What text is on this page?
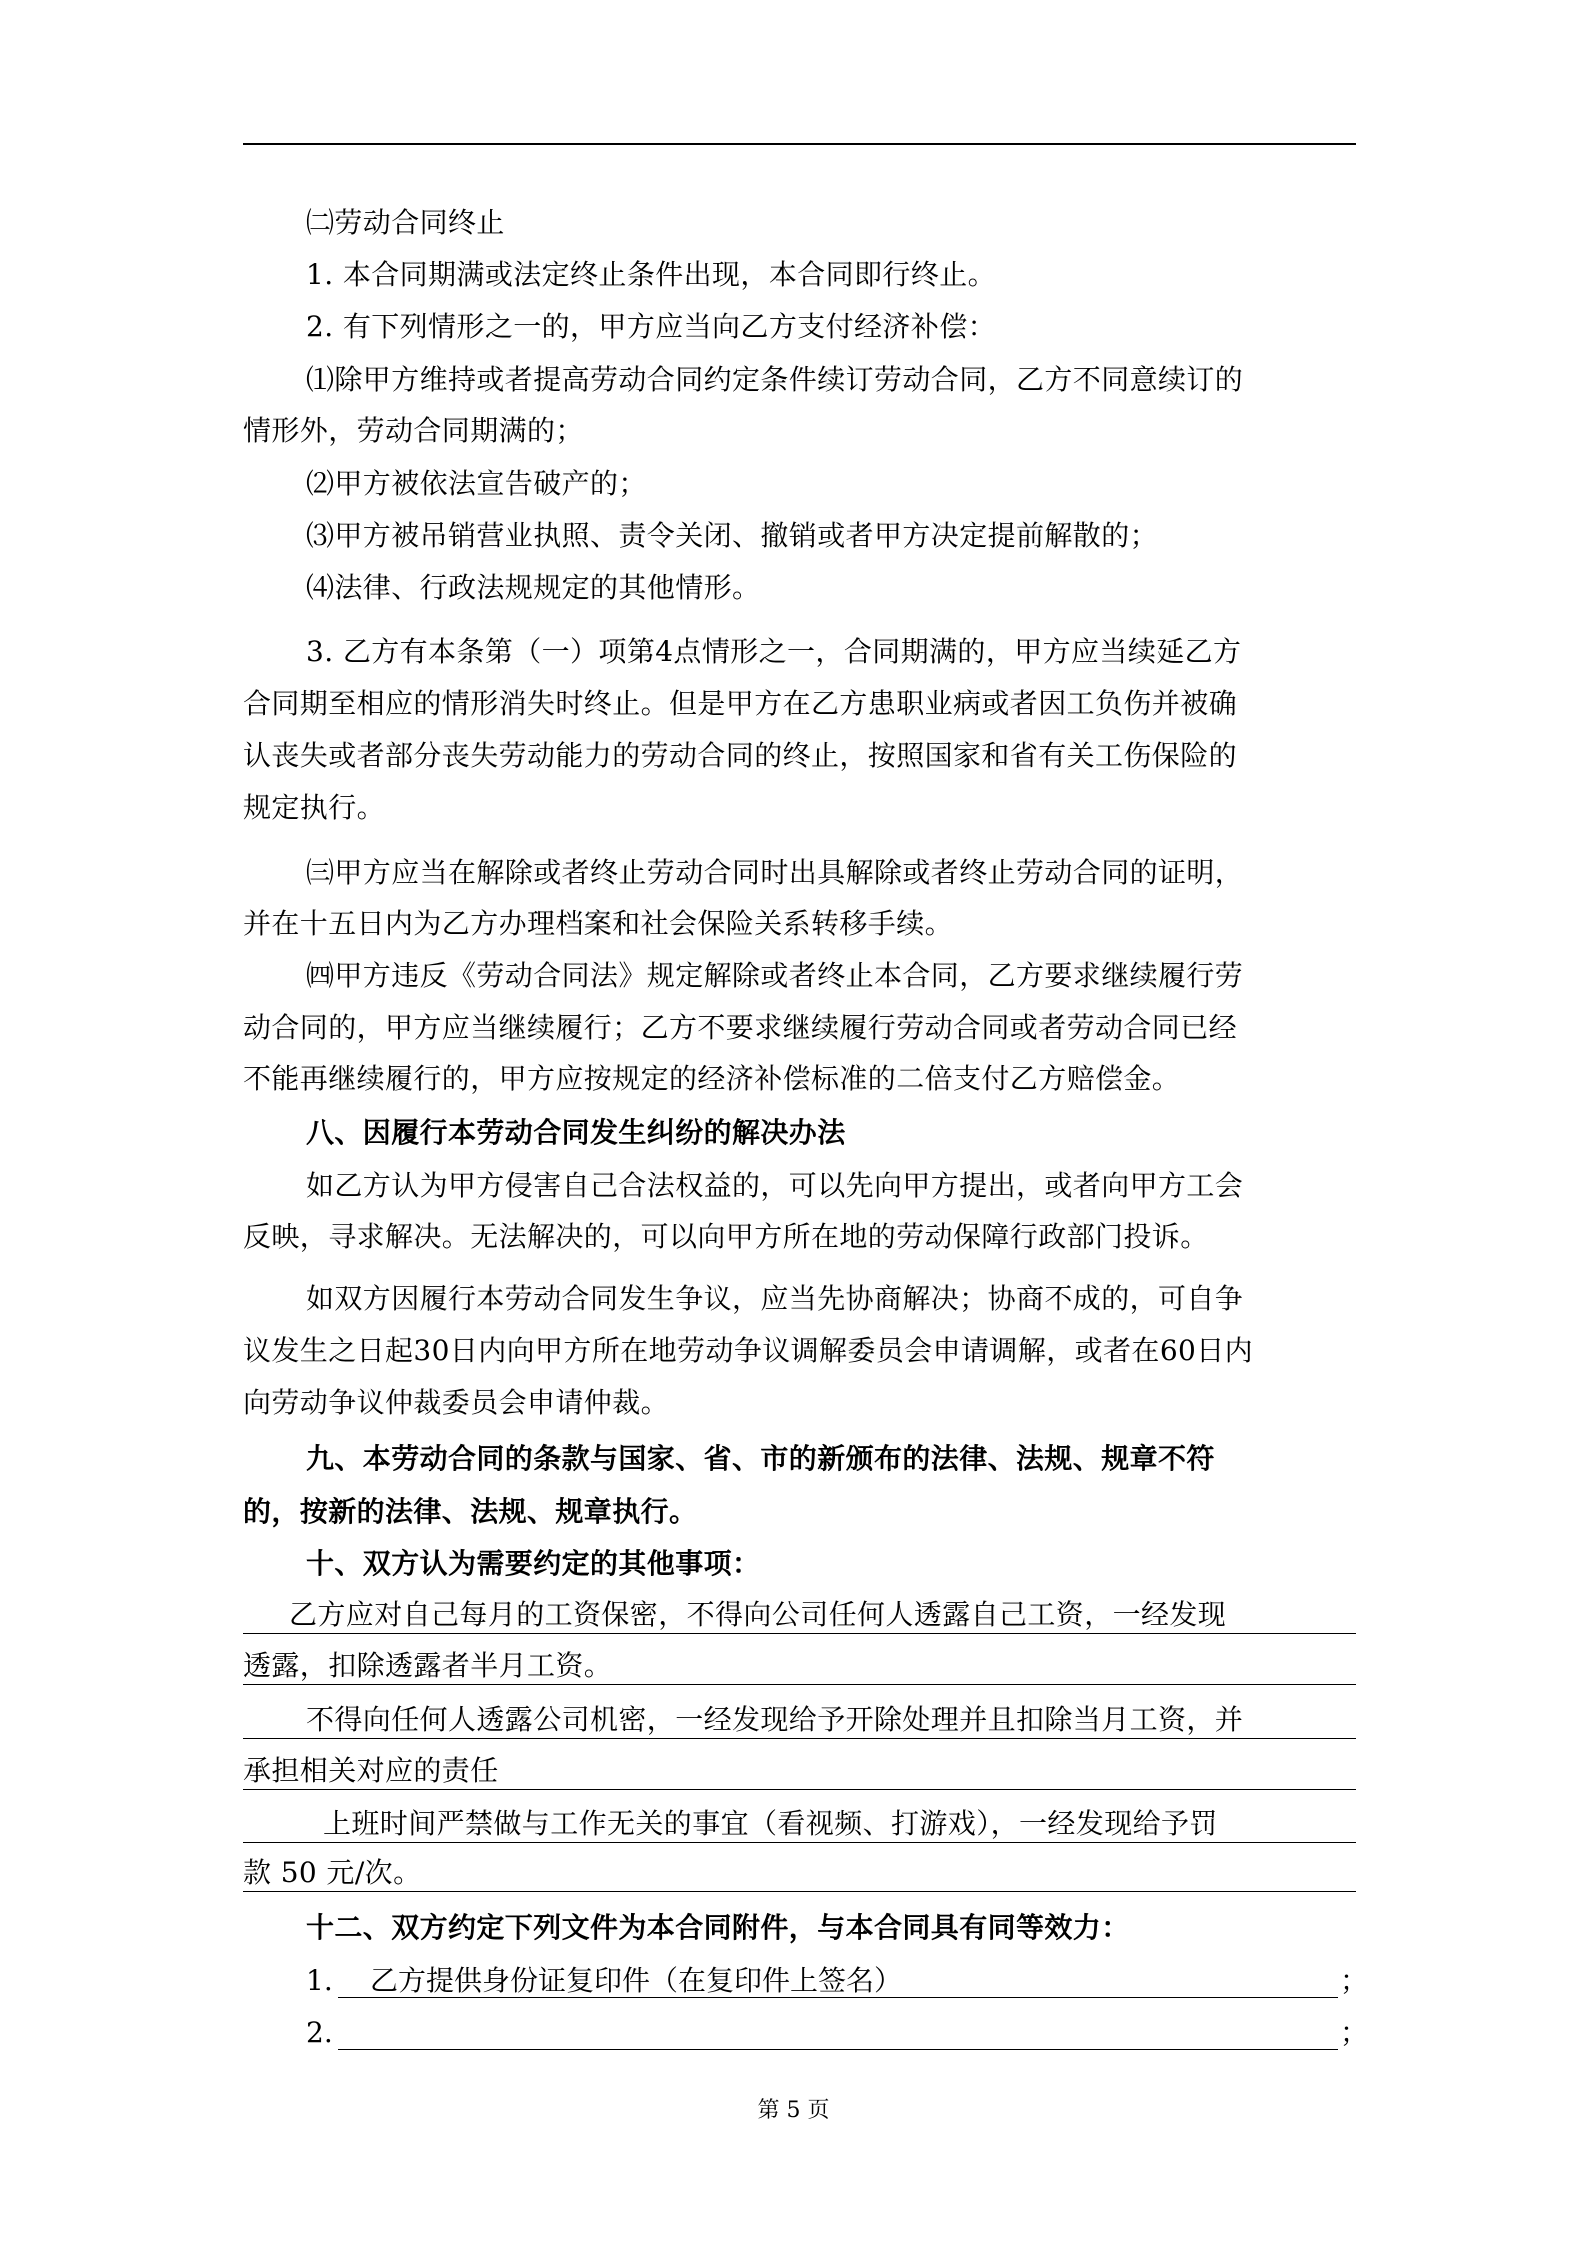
㈡劳动合同终止
1. 本合同期满或法定终止条件出现，本合同即行终止。
2. 有下列情形之一的，甲方应当向乙方支付经济补偿：
⑴除甲方维持或者提高劳动合同约定条件续订劳动合同，乙方不同意续订的
情形外，劳动合同期满的；
⑵甲方被依法宣告破产的；
⑶甲方被吊销营业执照、责令关闭、撤销或者甲方决定提前解散的；
⑷法律、行政法规规定的其他情形。
3. 乙方有本条第（一）项第4点情形之一，合同期满的，甲方应当续延乙方
合同期至相应的情形消失时终止。但是甲方在乙方患职业病或者因工负伤并被确
认丧失或者部分丧失劳动能力的劳动合同的终止，按照国家和省有关工伤保险的
规定执行。
㈢甲方应当在解除或者终止劳动合同时出具解除或者终止劳动合同的证明，
并在十五日内为乙方办理档案和社会保险关系转移手续。
㈣甲方违反《劳动合同法》规定解除或者终止本合同，乙方要求继续履行劳
动合同的，甲方应当继续履行；乙方不要求继续履行劳动合同或者劳动合同已经
不能再继续履行的，甲方应按规定的经济补偿标准的二倍支付乙方赔偿金。
八、因履行本劳动合同发生纠纷的解决办法
如乙方认为甲方侵害自己合法权益的，可以先向甲方提出，或者向甲方工会
反映，寻求解决。无法解决的，可以向甲方所在地的劳动保障行政部门投诉。
如双方因履行本劳动合同发生争议，应当先协商解决；协商不成的，可自争
议发生之日起30日内向甲方所在地劳动争议调解委员会申请调解，或者在60日内
向劳动争议仲裁委员会申请仲裁。
九、本劳动合同的条款与国家、省、市的新颁布的法律、法规、规章不符
的，按新的法律、法规、规章执行。
十、双方认为需要约定的其他事项：
乙方应对自己每月的工资保密，不得向公司任何人透露自己工资，一经发现
透露，扣除透露者半月工资。
不得向任何人透露公司机密，一经发现给予开除处理并且扣除当月工资，并
承担相关对应的责任
上班时间严禁做与工作无关的事宜（看视频、打游戏），一经发现给予罚
款 50 元/次。
十二、双方约定下列文件为本合同附件，与本合同具有同等效力：
1. 乙方提供身份证复印件（在复印件上签名）	；
2.	；
第 5 页
